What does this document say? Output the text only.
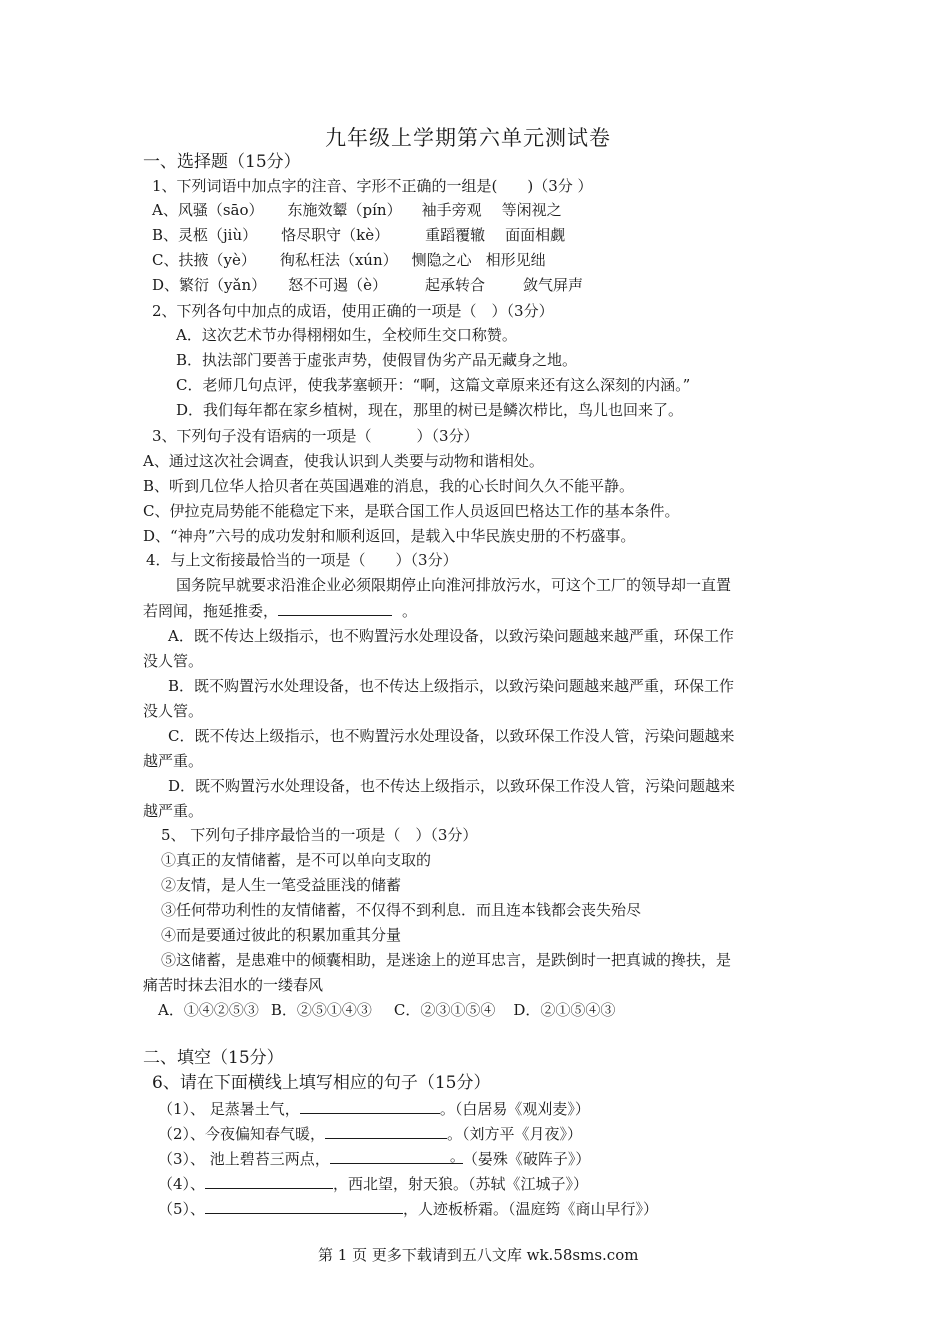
九年级上学期第六单元测试卷
一、选择题（15分）
1、下列词语中加点字的注音、字形不正确的一组是(　　)（3分 ）
A、风骚（sāo） 东施效颦（pín） 袖手旁观 等闲视之
B、灵柩（jiù） 恪尽职守（kè） 重蹈覆辙 面面相觑
C、扶掖（yè） 徇私枉法（xún） 恻隐之心 相形见绌
D、繁衍（yǎn） 怒不可遏（è）	起承转合	敛气屏声
2、下列各句中加点的成语，使用正确的一项是（　）（3分）
A．这次艺术节办得栩栩如生，全校师生交口称赞。
B．执法部门要善于虚张声势，使假冒伪劣产品无藏身之地。
C．老师几句点评，使我茅塞顿开：“啊，这篇文章原来还有这么深刻的内涵。”
D．我们每年都在家乡植树，现在，那里的树已是鳞次栉比，鸟儿也回来了。
3、下列句子没有语病的一项是（　　　）（3分）
A、通过这次社会调查，使我认识到人类要与动物和谐相处。
B、听到几位华人拾贝者在英国遇难的消息，我的心长时间久久不能平静。
C、伊拉克局势能不能稳定下来，是联合国工作人员返回巴格达工作的基本条件。
D、“神舟”六号的成功发射和顺利返回，是载入中华民族史册的不朽盛事。
4．与上文衔接最恰当的一项是（　　）（3分）
国务院早就要求沿淮企业必须限期停止向淮河排放污水，可这个工厂的领导却一直置
若罔闻，拖延推委，	。
A．既不传达上级指示，也不购置污水处理设备，以致污染问题越来越严重，环保工作
没人管。
B．既不购置污水处理设备，也不传达上级指示，以致污染问题越来越严重，环保工作
没人管。
C．既不传达上级指示，也不购置污水处理设备，以致环保工作没人管，污染问题越来
越严重。
D．既不购置污水处理设备，也不传达上级指示，以致环保工作没人管，污染问题越来
越严重。
5、 下列句子排序最恰当的一项是（　）（3分）
①真正的友情储蓄，是不可以单向支取的
②友情，是人生一笔受益匪浅的储蓄
③任何带功利性的友情储蓄，不仅得不到利息．而且连本钱都会丧失殆尽
④而是要通过彼此的积累加重其分量
⑤这储蓄，是患难中的倾囊相助，是迷途上的逆耳忠言，是跌倒时一把真诚的搀扶，是
痛苦时抹去泪水的一缕春风
A．①④②⑤③ B．②⑤①④③ C．②③①⑤④ D．②①⑤④③
二、填空（15分）
6、请在下面横线上填写相应的句子（15分）
（1）、 足蒸暑土气，	。（白居易《观刈麦》）
（2）、今夜偏知春气暖，	。（刘方平《月夜》）
（3）、 池上碧苔三两点，	。
（晏殊《破阵子》）
（4）、	，西北望，射天狼。（苏轼《江城子》）
（5）、	，人迹板桥霜。（温庭筠《商山早行》）
第 1 页 更多下载请到五八文库 wk.58sms.com
